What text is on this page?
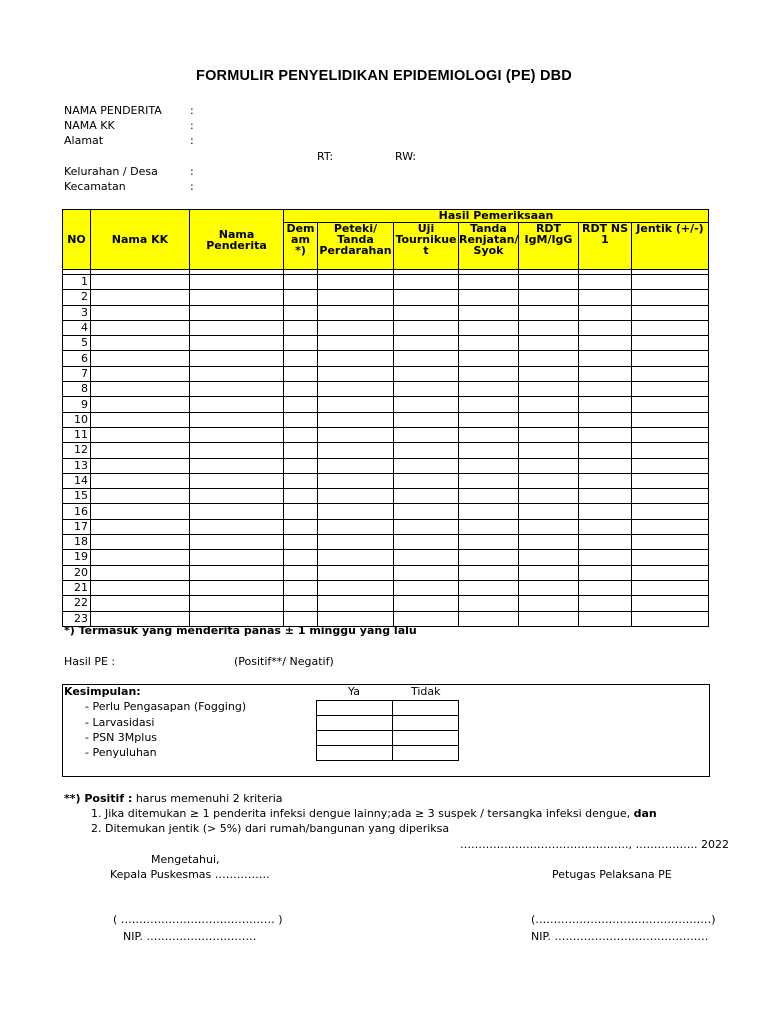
FORMULIR PENYELIDIKAN EPIDEMIOLOGI (PE) DBD
NAMA PENDERITA	:
NAMA KK	:
Alamat	:
RT:	RW:
Kelurahan / Desa	:
Kecamatan	:
NO	Nama KK	Nama Penderita	Hasil Pemeriksaan						
			Dem am *)	Peteki/ Tanda Perdarahan	Uji Tournikue t	Tanda Renjatan/ Syok	RDT IgM/IgG	RDT NS 1	Jentik (+/-)

1									
2									
3									
4									
5									
6									
7									
8									
9									
10									
11									
12									
13									
14									
15									
16									
17									
18									
19									
20									
21									
22									
23									
*) Termasuk yang menderita panas ± 1 minggu yang lalu
Hasil PE :	(Positif**/ Negatif)
Kesimpulan:	Ya	Tidak
- Perlu Pengasapan (Fogging)
- Larvasidasi
- PSN 3Mplus
- Penyuluhan

**) Positif : harus memenuhi 2 kriteria
1. Jika ditemukan ≥ 1 penderita infeksi dengue lainny;ada ≥ 3 suspek / tersangka infeksi dengue, dan
2. Ditemukan jentik (> 5%) dari rumah/bangunan yang diperiksa
………………………………………., …………….. 2022
Mengetahui,
Kepala Puskesmas ……………	Petugas Pelaksana PE
( …………………………………… )	(…………………………………………)
NIP. …………………………	NIP. ……………………………………
